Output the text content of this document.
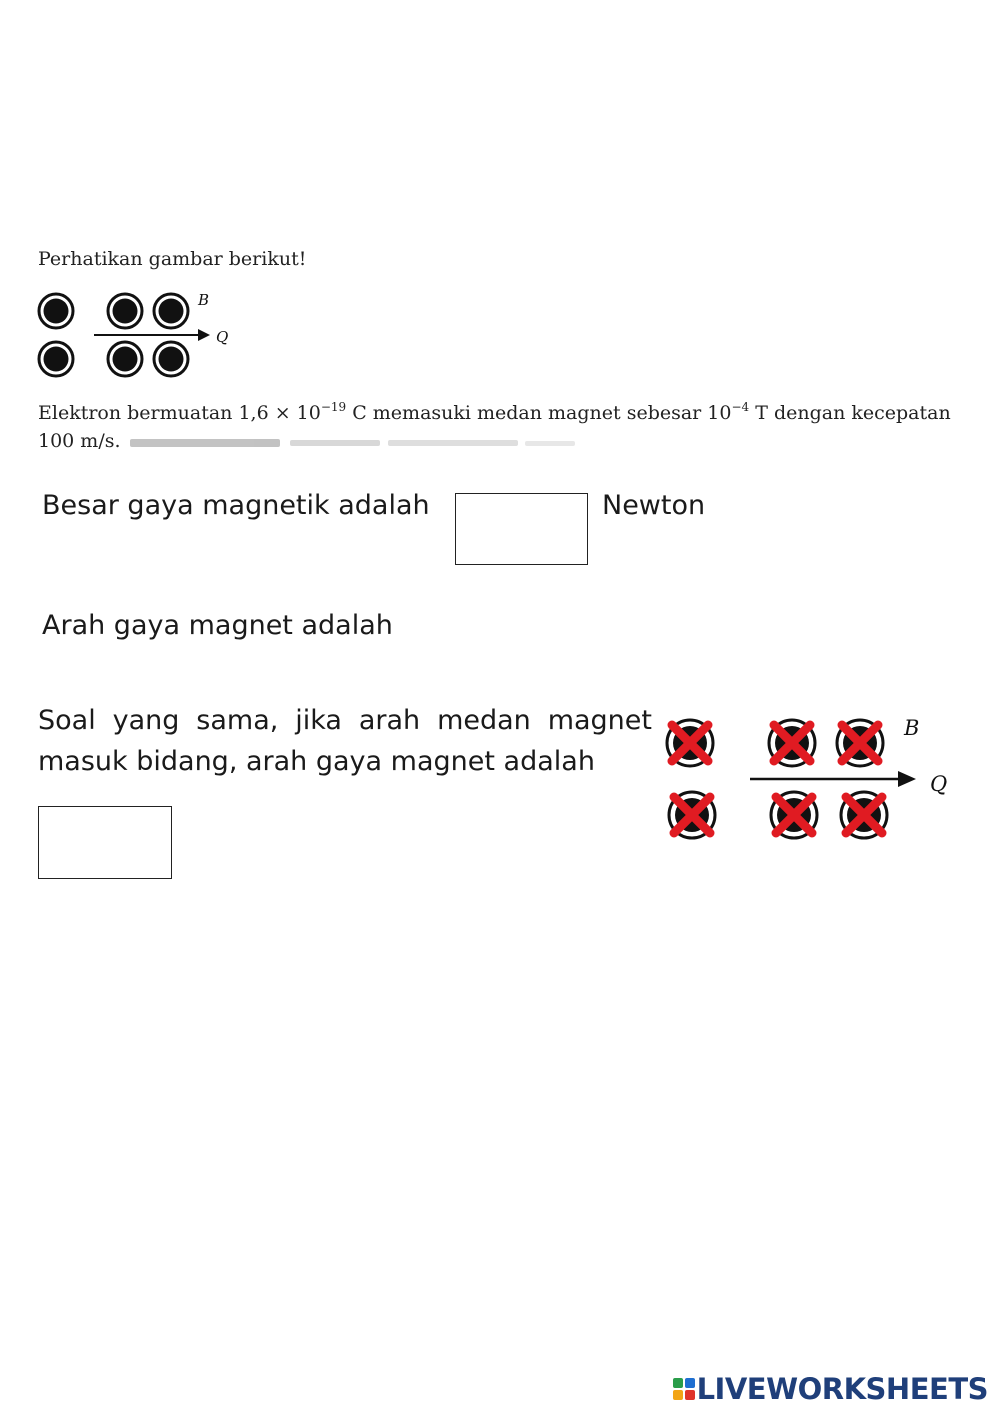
Perhatikan gambar berikut!
B
Q
Elektron bermuatan $1,6 \times 10^{-19}$ C memasuki medan magnet sebesar $10^{-4}$ T dengan kecepatan
100 m/s.
Besar gaya magnetik adalah	Newton
Arah gaya magnet adalah
Soal yang sama, jika arah medan magnet masuk bidang, arah gaya magnet adalah
B
Q
LIVEWORKSHEETS
